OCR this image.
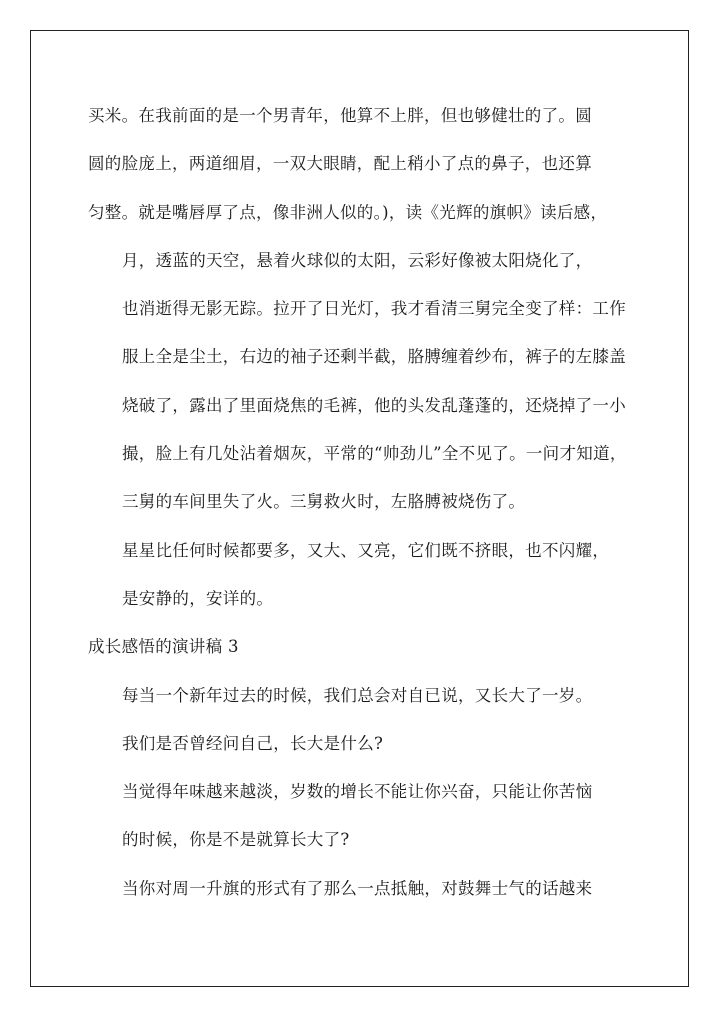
买米。在我前面的是一个男青年，他算不上胖，但也够健壮的了。圆
圆的脸庞上，两道细眉，一双大眼睛，配上稍小了点的鼻子，也还算
匀整。就是嘴唇厚了点，像非洲人似的。)，读《光辉的旗帜》读后感，

月，透蓝的天空，悬着火球似的太阳，云彩好像被太阳烧化了，
也消逝得无影无踪。拉开了日光灯，我才看清三舅完全变了样：工作
服上全是尘土，右边的袖子还剩半截，胳膊缠着纱布，裤子的左膝盖
烧破了，露出了里面烧焦的毛裤，他的头发乱蓬蓬的，还烧掉了一小
撮，脸上有几处沾着烟灰，平常的“帅劲儿”全不见了。一问才知道，
三舅的车间里失了火。三舅救火时，左胳膊被烧伤了。

星星比任何时候都要多，又大、又亮，它们既不挤眼，也不闪耀，
是安静的，安详的。

成长感悟的演讲稿 3

每当一个新年过去的时候，我们总会对自已说，又长大了一岁。

我们是否曾经问自己，长大是什么?

当觉得年味越来越淡，岁数的增长不能让你兴奋，只能让你苦恼
的时候，你是不是就算长大了?

当你对周一升旗的形式有了那么一点抵触，对鼓舞士气的话越来
